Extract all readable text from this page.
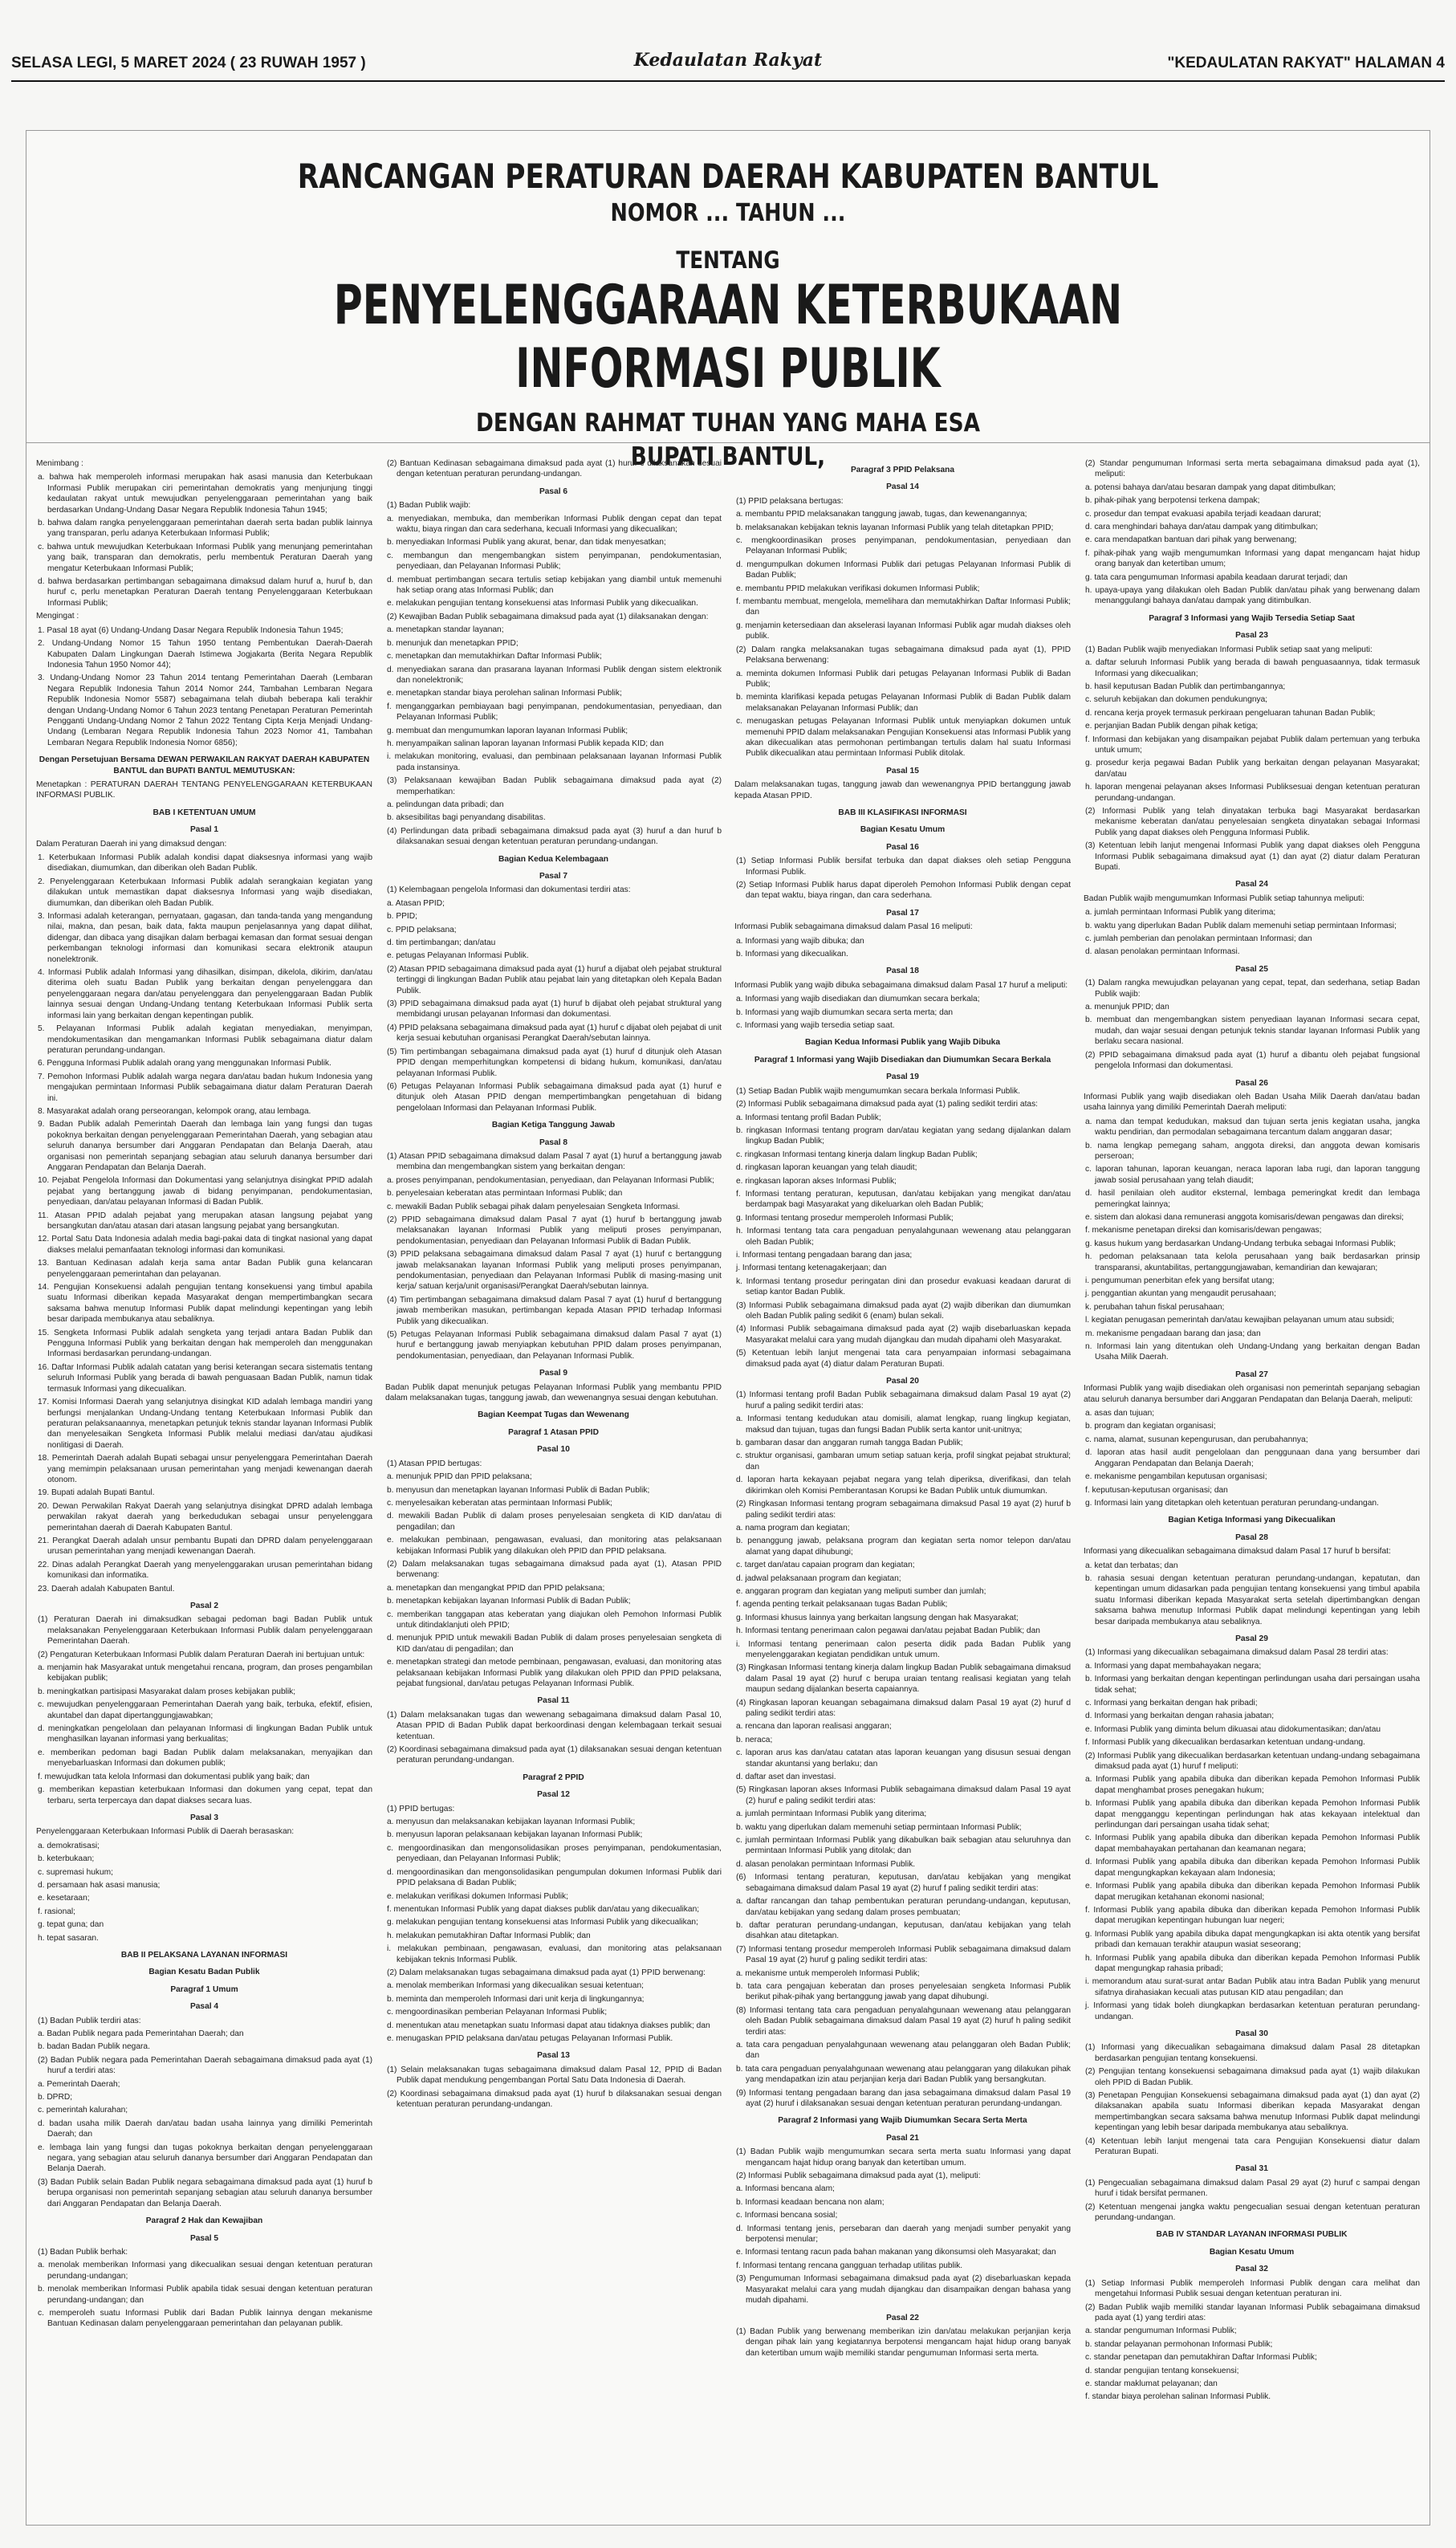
SELASA LEGI, 5 MARET 2024 ( 23 RUWAH 1957 )	Kedaulatan Rakyat	"KEDAULATAN RAKYAT" HALAMAN 4
RANCANGAN PERATURAN DAERAH KABUPATEN BANTUL
NOMOR ... TAHUN ...
TENTANG
PENYELENGGARAAN KETERBUKAAN INFORMASI PUBLIK
DENGAN RAHMAT TUHAN YANG MAHA ESA
BUPATI BANTUL,

Menimbang :

a. bahwa hak memperoleh informasi merupakan hak asasi manusia dan Keterbukaan Informasi Publik merupakan ciri pemerintahan demokratis yang menjunjung tinggi kedaulatan rakyat untuk mewujudkan penyelenggaraan pemerintahan yang baik berdasarkan Undang-Undang Dasar Negara Republik Indonesia Tahun 1945;

b. bahwa dalam rangka penyelenggaraan pemerintahan daerah serta badan publik lainnya yang transparan, perlu adanya Keterbukaan Informasi Publik;

c. bahwa untuk mewujudkan Keterbukaan Informasi Publik yang menunjang pemerintahan yang baik, transparan dan demokratis, perlu membentuk Peraturan Daerah yang mengatur Keterbukaan Informasi Publik;

d. bahwa berdasarkan pertimbangan sebagaimana dimaksud dalam huruf a, huruf b, dan huruf c, perlu menetapkan Peraturan Daerah tentang Penyelenggaraan Keterbukaan Informasi Publik;

Mengingat :

1. Pasal 18 ayat (6) Undang-Undang Dasar Negara Republik Indonesia Tahun 1945;

2. Undang-Undang Nomor 15 Tahun 1950 tentang Pembentukan Daerah-Daerah Kabupaten Dalam Lingkungan Daerah Istimewa Jogjakarta (Berita Negara Republik Indonesia Tahun 1950 Nomor 44);

3. Undang-Undang Nomor 23 Tahun 2014 tentang Pemerintahan Daerah (Lembaran Negara Republik Indonesia Tahun 2014 Nomor 244, Tambahan Lembaran Negara Republik Indonesia Nomor 5587) sebagaimana telah diubah beberapa kali terakhir dengan Undang-Undang Nomor 6 Tahun 2023 tentang Penetapan Peraturan Pemerintah Pengganti Undang-Undang Nomor 2 Tahun 2022 Tentang Cipta Kerja Menjadi Undang-Undang (Lembaran Negara Republik Indonesia Tahun 2023 Nomor 41, Tambahan Lembaran Negara Republik Indonesia Nomor 6856);

Dengan Persetujuan Bersama DEWAN PERWAKILAN RAKYAT DAERAH KABUPATEN BANTUL dan BUPATI BANTUL MEMUTUSKAN:

Menetapkan : PERATURAN DAERAH TENTANG PENYELENGGARAAN KETERBUKAAN INFORMASI PUBLIK.

BAB I KETENTUAN UMUM

Pasal 1

Dalam Peraturan Daerah ini yang dimaksud dengan:

1. Keterbukaan Informasi Publik adalah kondisi dapat diaksesnya informasi yang wajib disediakan, diumumkan, dan diberikan oleh Badan Publik.

2. Penyelenggaraan Keterbukaan Informasi Publik adalah serangkaian kegiatan yang dilakukan untuk memastikan dapat diaksesnya Informasi yang wajib disediakan, diumumkan, dan diberikan oleh Badan Publik.

3. Informasi adalah keterangan, pernyataan, gagasan, dan tanda-tanda yang mengandung nilai, makna, dan pesan, baik data, fakta maupun penjelasannya yang dapat dilihat, didengar, dan dibaca yang disajikan dalam berbagai kemasan dan format sesuai dengan perkembangan teknologi informasi dan komunikasi secara elektronik ataupun nonelektronik.

4. Informasi Publik adalah Informasi yang dihasilkan, disimpan, dikelola, dikirim, dan/atau diterima oleh suatu Badan Publik yang berkaitan dengan penyelenggara dan penyelenggaraan negara dan/atau penyelenggara dan penyelenggaraan Badan Publik lainnya sesuai dengan Undang-Undang tentang Keterbukaan Informasi Publik serta informasi lain yang berkaitan dengan kepentingan publik.

5. Pelayanan Informasi Publik adalah kegiatan menyediakan, menyimpan, mendokumentasikan dan mengamankan Informasi Publik sebagaimana diatur dalam peraturan perundang-undangan.

6. Pengguna Informasi Publik adalah orang yang menggunakan Informasi Publik.

7. Pemohon Informasi Publik adalah warga negara dan/atau badan hukum Indonesia yang mengajukan permintaan Informasi Publik sebagaimana diatur dalam Peraturan Daerah ini.

8. Masyarakat adalah orang perseorangan, kelompok orang, atau lembaga.

9. Badan Publik adalah Pemerintah Daerah dan lembaga lain yang fungsi dan tugas pokoknya berkaitan dengan penyelenggaraan Pemerintahan Daerah, yang sebagian atau seluruh dananya bersumber dari Anggaran Pendapatan dan Belanja Daerah, atau organisasi non pemerintah sepanjang sebagian atau seluruh dananya bersumber dari Anggaran Pendapatan dan Belanja Daerah.

10. Pejabat Pengelola Informasi dan Dokumentasi yang selanjutnya disingkat PPID adalah pejabat yang bertanggung jawab di bidang penyimpanan, pendokumentasian, penyediaan, dan/atau pelayanan Informasi di Badan Publik.

11. Atasan PPID adalah pejabat yang merupakan atasan langsung pejabat yang bersangkutan dan/atau atasan dari atasan langsung pejabat yang bersangkutan.

12. Portal Satu Data Indonesia adalah media bagi-pakai data di tingkat nasional yang dapat diakses melalui pemanfaatan teknologi informasi dan komunikasi.

13. Bantuan Kedinasan adalah kerja sama antar Badan Publik guna kelancaran penyelenggaraan pemerintahan dan pelayanan.

14. Pengujian Konsekuensi adalah pengujian tentang konsekuensi yang timbul apabila suatu Informasi diberikan kepada Masyarakat dengan mempertimbangkan secara saksama bahwa menutup Informasi Publik dapat melindungi kepentingan yang lebih besar daripada membukanya atau sebaliknya.

15. Sengketa Informasi Publik adalah sengketa yang terjadi antara Badan Publik dan Pengguna Informasi Publik yang berkaitan dengan hak memperoleh dan menggunakan Informasi berdasarkan perundang-undangan.

16. Daftar Informasi Publik adalah catatan yang berisi keterangan secara sistematis tentang seluruh Informasi Publik yang berada di bawah penguasaan Badan Publik, namun tidak termasuk Informasi yang dikecualikan.

17. Komisi Informasi Daerah yang selanjutnya disingkat KID adalah lembaga mandiri yang berfungsi menjalankan Undang-Undang tentang Keterbukaan Informasi Publik dan peraturan pelaksanaannya, menetapkan petunjuk teknis standar layanan Informasi Publik dan menyelesaikan Sengketa Informasi Publik melalui mediasi dan/atau ajudikasi nonlitigasi di Daerah.

18. Pemerintah Daerah adalah Bupati sebagai unsur penyelenggara Pemerintahan Daerah yang memimpin pelaksanaan urusan pemerintahan yang menjadi kewenangan daerah otonom.

19. Bupati adalah Bupati Bantul.

20. Dewan Perwakilan Rakyat Daerah yang selanjutnya disingkat DPRD adalah lembaga perwakilan rakyat daerah yang berkedudukan sebagai unsur penyelenggara pemerintahan daerah di Daerah Kabupaten Bantul.

21. Perangkat Daerah adalah unsur pembantu Bupati dan DPRD dalam penyelenggaraan urusan pemerintahan yang menjadi kewenangan Daerah.

22. Dinas adalah Perangkat Daerah yang menyelenggarakan urusan pemerintahan bidang komunikasi dan informatika.

23. Daerah adalah Kabupaten Bantul.

Pasal 2

(1) Peraturan Daerah ini dimaksudkan sebagai pedoman bagi Badan Publik untuk melaksanakan Penyelenggaraan Keterbukaan Informasi Publik dalam penyelenggaraan Pemerintahan Daerah.

(2) Pengaturan Keterbukaan Informasi Publik dalam Peraturan Daerah ini bertujuan untuk:

a. menjamin hak Masyarakat untuk mengetahui rencana, program, dan proses pengambilan kebijakan publik;

b. meningkatkan partisipasi Masyarakat dalam proses kebijakan publik;

c. mewujudkan penyelenggaraan Pemerintahan Daerah yang baik, terbuka, efektif, efisien, akuntabel dan dapat dipertanggungjawabkan;

d. meningkatkan pengelolaan dan pelayanan Informasi di lingkungan Badan Publik untuk menghasilkan layanan informasi yang berkualitas;

e. memberikan pedoman bagi Badan Publik dalam melaksanakan, menyajikan dan menyebarluaskan Informasi dan dokumen publik;

f. mewujudkan tata kelola Informasi dan dokumentasi publik yang baik; dan

g. memberikan kepastian keterbukaan Informasi dan dokumen yang cepat, tepat dan terbaru, serta terpercaya dan dapat diakses secara luas.

Pasal 3

Penyelenggaraan Keterbukaan Informasi Publik di Daerah berasaskan:

a. demokratisasi;

b. keterbukaan;

c. supremasi hukum;

d. persamaan hak asasi manusia;

e. kesetaraan;

f. rasional;

g. tepat guna; dan

h. tepat sasaran.

BAB II PELAKSANA LAYANAN INFORMASI

Bagian Kesatu Badan Publik

Paragraf 1 Umum

Pasal 4

(1) Badan Publik terdiri atas:

a. Badan Publik negara pada Pemerintahan Daerah; dan

b. badan Badan Publik negara.

(2) Badan Publik negara pada Pemerintahan Daerah sebagaimana dimaksud pada ayat (1) huruf a terdiri atas:

a. Pemerintah Daerah;

b. DPRD;

c. pemerintah kalurahan;

d. badan usaha milik Daerah dan/atau badan usaha lainnya yang dimiliki Pemerintah Daerah; dan

e. lembaga lain yang fungsi dan tugas pokoknya berkaitan dengan penyelenggaraan negara, yang sebagian atau seluruh dananya bersumber dari Anggaran Pendapatan dan Belanja Daerah.

(3) Badan Publik selain Badan Publik negara sebagaimana dimaksud pada ayat (1) huruf b berupa organisasi non pemerintah sepanjang sebagian atau seluruh dananya bersumber dari Anggaran Pendapatan dan Belanja Daerah.

Paragraf 2 Hak dan Kewajiban

Pasal 5

(1) Badan Publik berhak:

a. menolak memberikan Informasi yang dikecualikan sesuai dengan ketentuan peraturan perundang-undangan;

b. menolak memberikan Informasi Publik apabila tidak sesuai dengan ketentuan peraturan perundang-undangan; dan

c. memperoleh suatu Informasi Publik dari Badan Publik lainnya dengan mekanisme Bantuan Kedinasan dalam penyelenggaraan pemerintahan dan pelayanan publik.

(2) Bantuan Kedinasan sebagaimana dimaksud pada ayat (1) huruf c dilaksanakan sesuai dengan ketentuan peraturan perundang-undangan.

Pasal 6

(1) Badan Publik wajib:

a. menyediakan, membuka, dan memberikan Informasi Publik dengan cepat dan tepat waktu, biaya ringan dan cara sederhana, kecuali Informasi yang dikecualikan;

b. menyediakan Informasi Publik yang akurat, benar, dan tidak menyesatkan;

c. membangun dan mengembangkan sistem penyimpanan, pendokumentasian, penyediaan, dan Pelayanan Informasi Publik;

d. membuat pertimbangan secara tertulis setiap kebijakan yang diambil untuk memenuhi hak setiap orang atas Informasi Publik; dan

e. melakukan pengujian tentang konsekuensi atas Informasi Publik yang dikecualikan.

(2) Kewajiban Badan Publik sebagaimana dimaksud pada ayat (1) dilaksanakan dengan:

a. menetapkan standar layanan;

b. menunjuk dan menetapkan PPID;

c. menetapkan dan memutakhirkan Daftar Informasi Publik;

d. menyediakan sarana dan prasarana layanan Informasi Publik dengan sistem elektronik dan nonelektronik;

e. menetapkan standar biaya perolehan salinan Informasi Publik;

f. menganggarkan pembiayaan bagi penyimpanan, pendokumentasian, penyediaan, dan Pelayanan Informasi Publik;

g. membuat dan mengumumkan laporan layanan Informasi Publik;

h. menyampaikan salinan laporan layanan Informasi Publik kepada KID; dan

i. melakukan monitoring, evaluasi, dan pembinaan pelaksanaan layanan Informasi Publik pada instansinya.

(3) Pelaksanaan kewajiban Badan Publik sebagaimana dimaksud pada ayat (2) memperhatikan:

a. pelindungan data pribadi; dan

b. aksesibilitas bagi penyandang disabilitas.

(4) Perlindungan data pribadi sebagaimana dimaksud pada ayat (3) huruf a dan huruf b dilaksanakan sesuai dengan ketentuan peraturan perundang-undangan.

Bagian Kedua Kelembagaan

Pasal 7

(1) Kelembagaan pengelola Informasi dan dokumentasi terdiri atas:

a. Atasan PPID;

b. PPID;

c. PPID pelaksana;

d. tim pertimbangan; dan/atau

e. petugas Pelayanan Informasi Publik.

(2) Atasan PPID sebagaimana dimaksud pada ayat (1) huruf a dijabat oleh pejabat struktural tertinggi di lingkungan Badan Publik atau pejabat lain yang ditetapkan oleh Kepala Badan Publik.

(3) PPID sebagaimana dimaksud pada ayat (1) huruf b dijabat oleh pejabat struktural yang membidangi urusan pelayanan Informasi dan dokumentasi.

(4) PPID pelaksana sebagaimana dimaksud pada ayat (1) huruf c dijabat oleh pejabat di unit kerja sesuai kebutuhan organisasi Perangkat Daerah/sebutan lainnya.

(5) Tim pertimbangan sebagaimana dimaksud pada ayat (1) huruf d ditunjuk oleh Atasan PPID dengan memperhitungkan kompetensi di bidang hukum, komunikasi, dan/atau pelayanan Informasi Publik.

(6) Petugas Pelayanan Informasi Publik sebagaimana dimaksud pada ayat (1) huruf e ditunjuk oleh Atasan PPID dengan mempertimbangkan pengetahuan di bidang pengelolaan Informasi dan Pelayanan Informasi Publik.

Bagian Ketiga Tanggung Jawab

Pasal 8

(1) Atasan PPID sebagaimana dimaksud dalam Pasal 7 ayat (1) huruf a bertanggung jawab membina dan mengembangkan sistem yang berkaitan dengan:

a. proses penyimpanan, pendokumentasian, penyediaan, dan Pelayanan Informasi Publik;

b. penyelesaian keberatan atas permintaan Informasi Publik; dan

c. mewakili Badan Publik sebagai pihak dalam penyelesaian Sengketa Informasi.

(2) PPID sebagaimana dimaksud dalam Pasal 7 ayat (1) huruf b bertanggung jawab melaksanakan layanan Informasi Publik yang meliputi proses penyimpanan, pendokumentasian, penyediaan dan Pelayanan Informasi Publik di Badan Publik.

(3) PPID pelaksana sebagaimana dimaksud dalam Pasal 7 ayat (1) huruf c bertanggung jawab melaksanakan layanan Informasi Publik yang meliputi proses penyimpanan, pendokumentasian, penyediaan dan Pelayanan Informasi Publik di masing-masing unit kerja/ satuan kerja/unit organisasi/Perangkat Daerah/sebutan lainnya.

(4) Tim pertimbangan sebagaimana dimaksud dalam Pasal 7 ayat (1) huruf d bertanggung jawab memberikan masukan, pertimbangan kepada Atasan PPID terhadap Informasi Publik yang dikecualikan.

(5) Petugas Pelayanan Informasi Publik sebagaimana dimaksud dalam Pasal 7 ayat (1) huruf e bertanggung jawab menyiapkan kebutuhan PPID dalam proses penyimpanan, pendokumentasian, penyediaan, dan Pelayanan Informasi Publik.

Pasal 9

Badan Publik dapat menunjuk petugas Pelayanan Informasi Publik yang membantu PPID dalam melaksanakan tugas, tanggung jawab, dan wewenangnya sesuai dengan kebutuhan.

Bagian Keempat Tugas dan Wewenang

Paragraf 1 Atasan PPID

Pasal 10

(1) Atasan PPID bertugas:

a. menunjuk PPID dan PPID pelaksana;

b. menyusun dan menetapkan layanan Informasi Publik di Badan Publik;

c. menyelesaikan keberatan atas permintaan Informasi Publik;

d. mewakili Badan Publik di dalam proses penyelesaian sengketa di KID dan/atau di pengadilan; dan

e. melakukan pembinaan, pengawasan, evaluasi, dan monitoring atas pelaksanaan kebijakan Informasi Publik yang dilakukan oleh PPID dan PPID pelaksana.

(2) Dalam melaksanakan tugas sebagaimana dimaksud pada ayat (1), Atasan PPID berwenang:

a. menetapkan dan mengangkat PPID dan PPID pelaksana;

b. menetapkan kebijakan layanan Informasi Publik di Badan Publik;

c. memberikan tanggapan atas keberatan yang diajukan oleh Pemohon Informasi Publik untuk ditindaklanjuti oleh PPID;

d. menunjuk PPID untuk mewakili Badan Publik di dalam proses penyelesaian sengketa di KID dan/atau di pengadilan; dan

e. menetapkan strategi dan metode pembinaan, pengawasan, evaluasi, dan monitoring atas pelaksanaan kebijakan Informasi Publik yang dilakukan oleh PPID dan PPID pelaksana, pejabat fungsional, dan/atau petugas Pelayanan Informasi Publik.

Pasal 11

(1) Dalam melaksanakan tugas dan wewenang sebagaimana dimaksud dalam Pasal 10, Atasan PPID di Badan Publik dapat berkoordinasi dengan kelembagaan terkait sesuai ketentuan.

(2) Koordinasi sebagaimana dimaksud pada ayat (1) dilaksanakan sesuai dengan ketentuan peraturan perundang-undangan.

Paragraf 2 PPID

Pasal 12

(1) PPID bertugas:

a. menyusun dan melaksanakan kebijakan layanan Informasi Publik;

b. menyusun laporan pelaksanaan kebijakan layanan Informasi Publik;

c. mengoordinasikan dan mengonsolidasikan proses penyimpanan, pendokumentasian, penyediaan, dan Pelayanan Informasi Publik;

d. mengoordinasikan dan mengonsolidasikan pengumpulan dokumen Informasi Publik dari PPID pelaksana di Badan Publik;

e. melakukan verifikasi dokumen Informasi Publik;

f. menentukan Informasi Publik yang dapat diakses publik dan/atau yang dikecualikan;

g. melakukan pengujian tentang konsekuensi atas Informasi Publik yang dikecualikan;

h. melakukan pemutakhiran Daftar Informasi Publik; dan

i. melakukan pembinaan, pengawasan, evaluasi, dan monitoring atas pelaksanaan kebijakan teknis Informasi Publik.

(2) Dalam melaksanakan tugas sebagaimana dimaksud pada ayat (1) PPID berwenang:

a. menolak memberikan Informasi yang dikecualikan sesuai ketentuan;

b. meminta dan memperoleh Informasi dari unit kerja di lingkungannya;

c. mengoordinasikan pemberian Pelayanan Informasi Publik;

d. menentukan atau menetapkan suatu Informasi dapat atau tidaknya diakses publik; dan

e. menugaskan PPID pelaksana dan/atau petugas Pelayanan Informasi Publik.

Pasal 13

(1) Selain melaksanakan tugas sebagaimana dimaksud dalam Pasal 12, PPID di Badan Publik dapat mendukung pengembangan Portal Satu Data Indonesia di Daerah.

(2) Koordinasi sebagaimana dimaksud pada ayat (1) huruf b dilaksanakan sesuai dengan ketentuan peraturan perundang-undangan.

Paragraf 3 PPID Pelaksana

Pasal 14

(1) PPID pelaksana bertugas:

a. membantu PPID melaksanakan tanggung jawab, tugas, dan kewenangannya;

b. melaksanakan kebijakan teknis layanan Informasi Publik yang telah ditetapkan PPID;

c. mengkoordinasikan proses penyimpanan, pendokumentasian, penyediaan dan Pelayanan Informasi Publik;

d. mengumpulkan dokumen Informasi Publik dari petugas Pelayanan Informasi Publik di Badan Publik;

e. membantu PPID melakukan verifikasi dokumen Informasi Publik;

f. membantu membuat, mengelola, memelihara dan memutakhirkan Daftar Informasi Publik; dan

g. menjamin ketersediaan dan akselerasi layanan Informasi Publik agar mudah diakses oleh publik.

(2) Dalam rangka melaksanakan tugas sebagaimana dimaksud pada ayat (1), PPID Pelaksana berwenang:

a. meminta dokumen Informasi Publik dari petugas Pelayanan Informasi Publik di Badan Publik;

b. meminta klarifikasi kepada petugas Pelayanan Informasi Publik di Badan Publik dalam melaksanakan Pelayanan Informasi Publik; dan

c. menugaskan petugas Pelayanan Informasi Publik untuk menyiapkan dokumen untuk memenuhi PPID dalam melaksanakan Pengujian Konsekuensi atas Informasi Publik yang akan dikecualikan atas permohonan pertimbangan tertulis dalam hal suatu Informasi Publik dikecualikan atau permintaan Informasi Publik ditolak.

Pasal 15

Dalam melaksanakan tugas, tanggung jawab dan wewenangnya PPID bertanggung jawab kepada Atasan PPID.

BAB III KLASIFIKASI INFORMASI

Bagian Kesatu Umum

Pasal 16

(1) Setiap Informasi Publik bersifat terbuka dan dapat diakses oleh setiap Pengguna Informasi Publik.

(2) Setiap Informasi Publik harus dapat diperoleh Pemohon Informasi Publik dengan cepat dan tepat waktu, biaya ringan, dan cara sederhana.

Pasal 17

Informasi Publik sebagaimana dimaksud dalam Pasal 16 meliputi:

a. Informasi yang wajib dibuka; dan

b. Informasi yang dikecualikan.

Pasal 18

Informasi Publik yang wajib dibuka sebagaimana dimaksud dalam Pasal 17 huruf a meliputi:

a. Informasi yang wajib disediakan dan diumumkan secara berkala;

b. Informasi yang wajib diumumkan secara serta merta; dan

c. Informasi yang wajib tersedia setiap saat.

Bagian Kedua Informasi Publik yang Wajib Dibuka

Paragraf 1 Informasi yang Wajib Disediakan dan Diumumkan Secara Berkala

Pasal 19

(1) Setiap Badan Publik wajib mengumumkan secara berkala Informasi Publik.

(2) Informasi Publik sebagaimana dimaksud pada ayat (1) paling sedikit terdiri atas:

a. Informasi tentang profil Badan Publik;

b. ringkasan Informasi tentang program dan/atau kegiatan yang sedang dijalankan dalam lingkup Badan Publik;

c. ringkasan Informasi tentang kinerja dalam lingkup Badan Publik;

d. ringkasan laporan keuangan yang telah diaudit;

e. ringkasan laporan akses Informasi Publik;

f. Informasi tentang peraturan, keputusan, dan/atau kebijakan yang mengikat dan/atau berdampak bagi Masyarakat yang dikeluarkan oleh Badan Publik;

g. Informasi tentang prosedur memperoleh Informasi Publik;

h. Informasi tentang tata cara pengaduan penyalahgunaan wewenang atau pelanggaran oleh Badan Publik;

i. Informasi tentang pengadaan barang dan jasa;

j. Informasi tentang ketenagakerjaan; dan

k. Informasi tentang prosedur peringatan dini dan prosedur evakuasi keadaan darurat di setiap kantor Badan Publik.

(3) Informasi Publik sebagaimana dimaksud pada ayat (2) wajib diberikan dan diumumkan oleh Badan Publik paling sedikit 6 (enam) bulan sekali.

(4) Informasi Publik sebagaimana dimaksud pada ayat (2) wajib disebarluaskan kepada Masyarakat melalui cara yang mudah dijangkau dan mudah dipahami oleh Masyarakat.

(5) Ketentuan lebih lanjut mengenai tata cara penyampaian informasi sebagaimana dimaksud pada ayat (4) diatur dalam Peraturan Bupati.

Pasal 20

(1) Informasi tentang profil Badan Publik sebagaimana dimaksud dalam Pasal 19 ayat (2) huruf a paling sedikit terdiri atas:

a. Informasi tentang kedudukan atau domisili, alamat lengkap, ruang lingkup kegiatan, maksud dan tujuan, tugas dan fungsi Badan Publik serta kantor unit-unitnya;

b. gambaran dasar dan anggaran rumah tangga Badan Publik;

c. struktur organisasi, gambaran umum setiap satuan kerja, profil singkat pejabat struktural; dan

d. laporan harta kekayaan pejabat negara yang telah diperiksa, diverifikasi, dan telah dikirimkan oleh Komisi Pemberantasan Korupsi ke Badan Publik untuk diumumkan.

(2) Ringkasan Informasi tentang program sebagaimana dimaksud Pasal 19 ayat (2) huruf b paling sedikit terdiri atas:

a. nama program dan kegiatan;

b. penanggung jawab, pelaksana program dan kegiatan serta nomor telepon dan/atau alamat yang dapat dihubungi;

c. target dan/atau capaian program dan kegiatan;

d. jadwal pelaksanaan program dan kegiatan;

e. anggaran program dan kegiatan yang meliputi sumber dan jumlah;

f. agenda penting terkait pelaksanaan tugas Badan Publik;

g. Informasi khusus lainnya yang berkaitan langsung dengan hak Masyarakat;

h. Informasi tentang penerimaan calon pegawai dan/atau pejabat Badan Publik; dan

i. Informasi tentang penerimaan calon peserta didik pada Badan Publik yang menyelenggarakan kegiatan pendidikan untuk umum.

(3) Ringkasan Informasi tentang kinerja dalam lingkup Badan Publik sebagaimana dimaksud dalam Pasal 19 ayat (2) huruf c berupa uraian tentang realisasi kegiatan yang telah maupun sedang dijalankan beserta capaiannya.

(4) Ringkasan laporan keuangan sebagaimana dimaksud dalam Pasal 19 ayat (2) huruf d paling sedikit terdiri atas:

a. rencana dan laporan realisasi anggaran;

b. neraca;

c. laporan arus kas dan/atau catatan atas laporan keuangan yang disusun sesuai dengan standar akuntansi yang berlaku; dan

d. daftar aset dan investasi.

(5) Ringkasan laporan akses Informasi Publik sebagaimana dimaksud dalam Pasal 19 ayat (2) huruf e paling sedikit terdiri atas:

a. jumlah permintaan Informasi Publik yang diterima;

b. waktu yang diperlukan dalam memenuhi setiap permintaan Informasi Publik;

c. jumlah permintaan Informasi Publik yang dikabulkan baik sebagian atau seluruhnya dan permintaan Informasi Publik yang ditolak; dan

d. alasan penolakan permintaan Informasi Publik.

(6) Informasi tentang peraturan, keputusan, dan/atau kebijakan yang mengikat sebagaimana dimaksud dalam Pasal 19 ayat (2) huruf f paling sedikit terdiri atas:

a. daftar rancangan dan tahap pembentukan peraturan perundang-undangan, keputusan, dan/atau kebijakan yang sedang dalam proses pembuatan;

b. daftar peraturan perundang-undangan, keputusan, dan/atau kebijakan yang telah disahkan atau ditetapkan.

(7) Informasi tentang prosedur memperoleh Informasi Publik sebagaimana dimaksud dalam Pasal 19 ayat (2) huruf g paling sedikit terdiri atas:

a. mekanisme untuk memperoleh Informasi Publik;

b. tata cara pengajuan keberatan dan proses penyelesaian sengketa Informasi Publik berikut pihak-pihak yang bertanggung jawab yang dapat dihubungi.

(8) Informasi tentang tata cara pengaduan penyalahgunaan wewenang atau pelanggaran oleh Badan Publik sebagaimana dimaksud dalam Pasal 19 ayat (2) huruf h paling sedikit terdiri atas:

a. tata cara pengaduan penyalahgunaan wewenang atau pelanggaran oleh Badan Publik; dan

b. tata cara pengaduan penyalahgunaan wewenang atau pelanggaran yang dilakukan pihak yang mendapatkan izin atau perjanjian kerja dari Badan Publik yang bersangkutan.

(9) Informasi tentang pengadaan barang dan jasa sebagaimana dimaksud dalam Pasal 19 ayat (2) huruf i dilaksanakan sesuai dengan ketentuan peraturan perundang-undangan.

Paragraf 2 Informasi yang Wajib Diumumkan Secara Serta Merta

Pasal 21

(1) Badan Publik wajib mengumumkan secara serta merta suatu Informasi yang dapat mengancam hajat hidup orang banyak dan ketertiban umum.

(2) Informasi Publik sebagaimana dimaksud pada ayat (1), meliputi:

a. Informasi bencana alam;

b. Informasi keadaan bencana non alam;

c. Informasi bencana sosial;

d. Informasi tentang jenis, persebaran dan daerah yang menjadi sumber penyakit yang berpotensi menular;

e. Informasi tentang racun pada bahan makanan yang dikonsumsi oleh Masyarakat; dan

f. Informasi tentang rencana gangguan terhadap utilitas publik.

(3) Pengumuman Informasi sebagaimana dimaksud pada ayat (2) disebarluaskan kepada Masyarakat melalui cara yang mudah dijangkau dan disampaikan dengan bahasa yang mudah dipahami.

Pasal 22

(1) Badan Publik yang berwenang memberikan izin dan/atau melakukan perjanjian kerja dengan pihak lain yang kegiatannya berpotensi mengancam hajat hidup orang banyak dan ketertiban umum wajib memiliki standar pengumuman Informasi serta merta.

(2) Standar pengumuman Informasi serta merta sebagaimana dimaksud pada ayat (1), meliputi:

a. potensi bahaya dan/atau besaran dampak yang dapat ditimbulkan;

b. pihak-pihak yang berpotensi terkena dampak;

c. prosedur dan tempat evakuasi apabila terjadi keadaan darurat;

d. cara menghindari bahaya dan/atau dampak yang ditimbulkan;

e. cara mendapatkan bantuan dari pihak yang berwenang;

f. pihak-pihak yang wajib mengumumkan Informasi yang dapat mengancam hajat hidup orang banyak dan ketertiban umum;

g. tata cara pengumuman Informasi apabila keadaan darurat terjadi; dan

h. upaya-upaya yang dilakukan oleh Badan Publik dan/atau pihak yang berwenang dalam menanggulangi bahaya dan/atau dampak yang ditimbulkan.

Paragraf 3 Informasi yang Wajib Tersedia Setiap Saat

Pasal 23

(1) Badan Publik wajib menyediakan Informasi Publik setiap saat yang meliputi:

a. daftar seluruh Informasi Publik yang berada di bawah penguasaannya, tidak termasuk Informasi yang dikecualikan;

b. hasil keputusan Badan Publik dan pertimbangannya;

c. seluruh kebijakan dan dokumen pendukungnya;

d. rencana kerja proyek termasuk perkiraan pengeluaran tahunan Badan Publik;

e. perjanjian Badan Publik dengan pihak ketiga;

f. Informasi dan kebijakan yang disampaikan pejabat Publik dalam pertemuan yang terbuka untuk umum;

g. prosedur kerja pegawai Badan Publik yang berkaitan dengan pelayanan Masyarakat; dan/atau

h. laporan mengenai pelayanan akses Informasi Publiksesuai dengan ketentuan peraturan perundang-undangan.

(2) Informasi Publik yang telah dinyatakan terbuka bagi Masyarakat berdasarkan mekanisme keberatan dan/atau penyelesaian sengketa dinyatakan sebagai Informasi Publik yang dapat diakses oleh Pengguna Informasi Publik.

(3) Ketentuan lebih lanjut mengenai Informasi Publik yang dapat diakses oleh Pengguna Informasi Publik sebagaimana dimaksud ayat (1) dan ayat (2) diatur dalam Peraturan Bupati.

Pasal 24

Badan Publik wajib mengumumkan Informasi Publik setiap tahunnya meliputi:

a. jumlah permintaan Informasi Publik yang diterima;

b. waktu yang diperlukan Badan Publik dalam memenuhi setiap permintaan Informasi;

c. jumlah pemberian dan penolakan permintaan Informasi; dan

d. alasan penolakan permintaan Informasi.

Pasal 25

(1) Dalam rangka mewujudkan pelayanan yang cepat, tepat, dan sederhana, setiap Badan Publik wajib:

a. menunjuk PPID; dan

b. membuat dan mengembangkan sistem penyediaan layanan Informasi secara cepat, mudah, dan wajar sesuai dengan petunjuk teknis standar layanan Informasi Publik yang berlaku secara nasional.

(2) PPID sebagaimana dimaksud pada ayat (1) huruf a dibantu oleh pejabat fungsional pengelola Informasi dan dokumentasi.

Pasal 26

Informasi Publik yang wajib disediakan oleh Badan Usaha Milik Daerah dan/atau badan usaha lainnya yang dimiliki Pemerintah Daerah meliputi:

a. nama dan tempat kedudukan, maksud dan tujuan serta jenis kegiatan usaha, jangka waktu pendirian, dan permodalan sebagaimana tercantum dalam anggaran dasar;

b. nama lengkap pemegang saham, anggota direksi, dan anggota dewan komisaris perseroan;

c. laporan tahunan, laporan keuangan, neraca laporan laba rugi, dan laporan tanggung jawab sosial perusahaan yang telah diaudit;

d. hasil penilaian oleh auditor eksternal, lembaga pemeringkat kredit dan lembaga pemeringkat lainnya;

e. sistem dan alokasi dana remunerasi anggota komisaris/dewan pengawas dan direksi;

f. mekanisme penetapan direksi dan komisaris/dewan pengawas;

g. kasus hukum yang berdasarkan Undang-Undang terbuka sebagai Informasi Publik;

h. pedoman pelaksanaan tata kelola perusahaan yang baik berdasarkan prinsip transparansi, akuntabilitas, pertanggungjawaban, kemandirian dan kewajaran;

i. pengumuman penerbitan efek yang bersifat utang;

j. penggantian akuntan yang mengaudit perusahaan;

k. perubahan tahun fiskal perusahaan;

l. kegiatan penugasan pemerintah dan/atau kewajiban pelayanan umum atau subsidi;

m. mekanisme pengadaan barang dan jasa; dan

n. Informasi lain yang ditentukan oleh Undang-Undang yang berkaitan dengan Badan Usaha Milik Daerah.

Pasal 27

Informasi Publik yang wajib disediakan oleh organisasi non pemerintah sepanjang sebagian atau seluruh dananya bersumber dari Anggaran Pendapatan dan Belanja Daerah, meliputi:

a. asas dan tujuan;

b. program dan kegiatan organisasi;

c. nama, alamat, susunan kepengurusan, dan perubahannya;

d. laporan atas hasil audit pengelolaan dan penggunaan dana yang bersumber dari Anggaran Pendapatan dan Belanja Daerah;

e. mekanisme pengambilan keputusan organisasi;

f. keputusan-keputusan organisasi; dan

g. Informasi lain yang ditetapkan oleh ketentuan peraturan perundang-undangan.

Bagian Ketiga Informasi yang Dikecualikan

Pasal 28

Informasi yang dikecualikan sebagaimana dimaksud dalam Pasal 17 huruf b bersifat:

a. ketat dan terbatas; dan

b. rahasia sesuai dengan ketentuan peraturan perundang-undangan, kepatutan, dan kepentingan umum didasarkan pada pengujian tentang konsekuensi yang timbul apabila suatu Informasi diberikan kepada Masyarakat serta setelah dipertimbangkan dengan saksama bahwa menutup Informasi Publik dapat melindungi kepentingan yang lebih besar daripada membukanya atau sebaliknya.

Pasal 29

(1) Informasi yang dikecualikan sebagaimana dimaksud dalam Pasal 28 terdiri atas:

a. Informasi yang dapat membahayakan negara;

b. Informasi yang berkaitan dengan kepentingan perlindungan usaha dari persaingan usaha tidak sehat;

c. Informasi yang berkaitan dengan hak pribadi;

d. Informasi yang berkaitan dengan rahasia jabatan;

e. Informasi Publik yang diminta belum dikuasai atau didokumentasikan; dan/atau

f. Informasi Publik yang dikecualikan berdasarkan ketentuan undang-undang.

(2) Informasi Publik yang dikecualikan berdasarkan ketentuan undang-undang sebagaimana dimaksud pada ayat (1) huruf f meliputi:

a. Informasi Publik yang apabila dibuka dan diberikan kepada Pemohon Informasi Publik dapat menghambat proses penegakan hukum;

b. Informasi Publik yang apabila dibuka dan diberikan kepada Pemohon Informasi Publik dapat mengganggu kepentingan perlindungan hak atas kekayaan intelektual dan perlindungan dari persaingan usaha tidak sehat;

c. Informasi Publik yang apabila dibuka dan diberikan kepada Pemohon Informasi Publik dapat membahayakan pertahanan dan keamanan negara;

d. Informasi Publik yang apabila dibuka dan diberikan kepada Pemohon Informasi Publik dapat mengungkapkan kekayaan alam Indonesia;

e. Informasi Publik yang apabila dibuka dan diberikan kepada Pemohon Informasi Publik dapat merugikan ketahanan ekonomi nasional;

f. Informasi Publik yang apabila dibuka dan diberikan kepada Pemohon Informasi Publik dapat merugikan kepentingan hubungan luar negeri;

g. Informasi Publik yang apabila dibuka dapat mengungkapkan isi akta otentik yang bersifat pribadi dan kemauan terakhir ataupun wasiat seseorang;

h. Informasi Publik yang apabila dibuka dan diberikan kepada Pemohon Informasi Publik dapat mengungkap rahasia pribadi;

i. memorandum atau surat-surat antar Badan Publik atau intra Badan Publik yang menurut sifatnya dirahasiakan kecuali atas putusan KID atau pengadilan; dan

j. Informasi yang tidak boleh diungkapkan berdasarkan ketentuan peraturan perundang-undangan.

Pasal 30

(1) Informasi yang dikecualikan sebagaimana dimaksud dalam Pasal 28 ditetapkan berdasarkan pengujian tentang konsekuensi.

(2) Pengujian tentang konsekuensi sebagaimana dimaksud pada ayat (1) wajib dilakukan oleh PPID di Badan Publik.

(3) Penetapan Pengujian Konsekuensi sebagaimana dimaksud pada ayat (1) dan ayat (2) dilaksanakan apabila suatu Informasi diberikan kepada Masyarakat dengan mempertimbangkan secara saksama bahwa menutup Informasi Publik dapat melindungi kepentingan yang lebih besar daripada membukanya atau sebaliknya.

(4) Ketentuan lebih lanjut mengenai tata cara Pengujian Konsekuensi diatur dalam Peraturan Bupati.

Pasal 31

(1) Pengecualian sebagaimana dimaksud dalam Pasal 29 ayat (2) huruf c sampai dengan huruf i tidak bersifat permanen.

(2) Ketentuan mengenai jangka waktu pengecualian sesuai dengan ketentuan peraturan perundang-undangan.

BAB IV STANDAR LAYANAN INFORMASI PUBLIK

Bagian Kesatu Umum

Pasal 32

(1) Setiap Informasi Publik memperoleh Informasi Publik dengan cara melihat dan mengetahui Informasi Publik sesuai dengan ketentuan peraturan ini.

(2) Badan Publik wajib memiliki standar layanan Informasi Publik sebagaimana dimaksud pada ayat (1) yang terdiri atas:

a. standar pengumuman Informasi Publik;

b. standar pelayanan permohonan Informasi Publik;

c. standar penetapan dan pemutakhiran Daftar Informasi Publik;

d. standar pengujian tentang konsekuensi;

e. standar maklumat pelayanan; dan

f. standar biaya perolehan salinan Informasi Publik.
